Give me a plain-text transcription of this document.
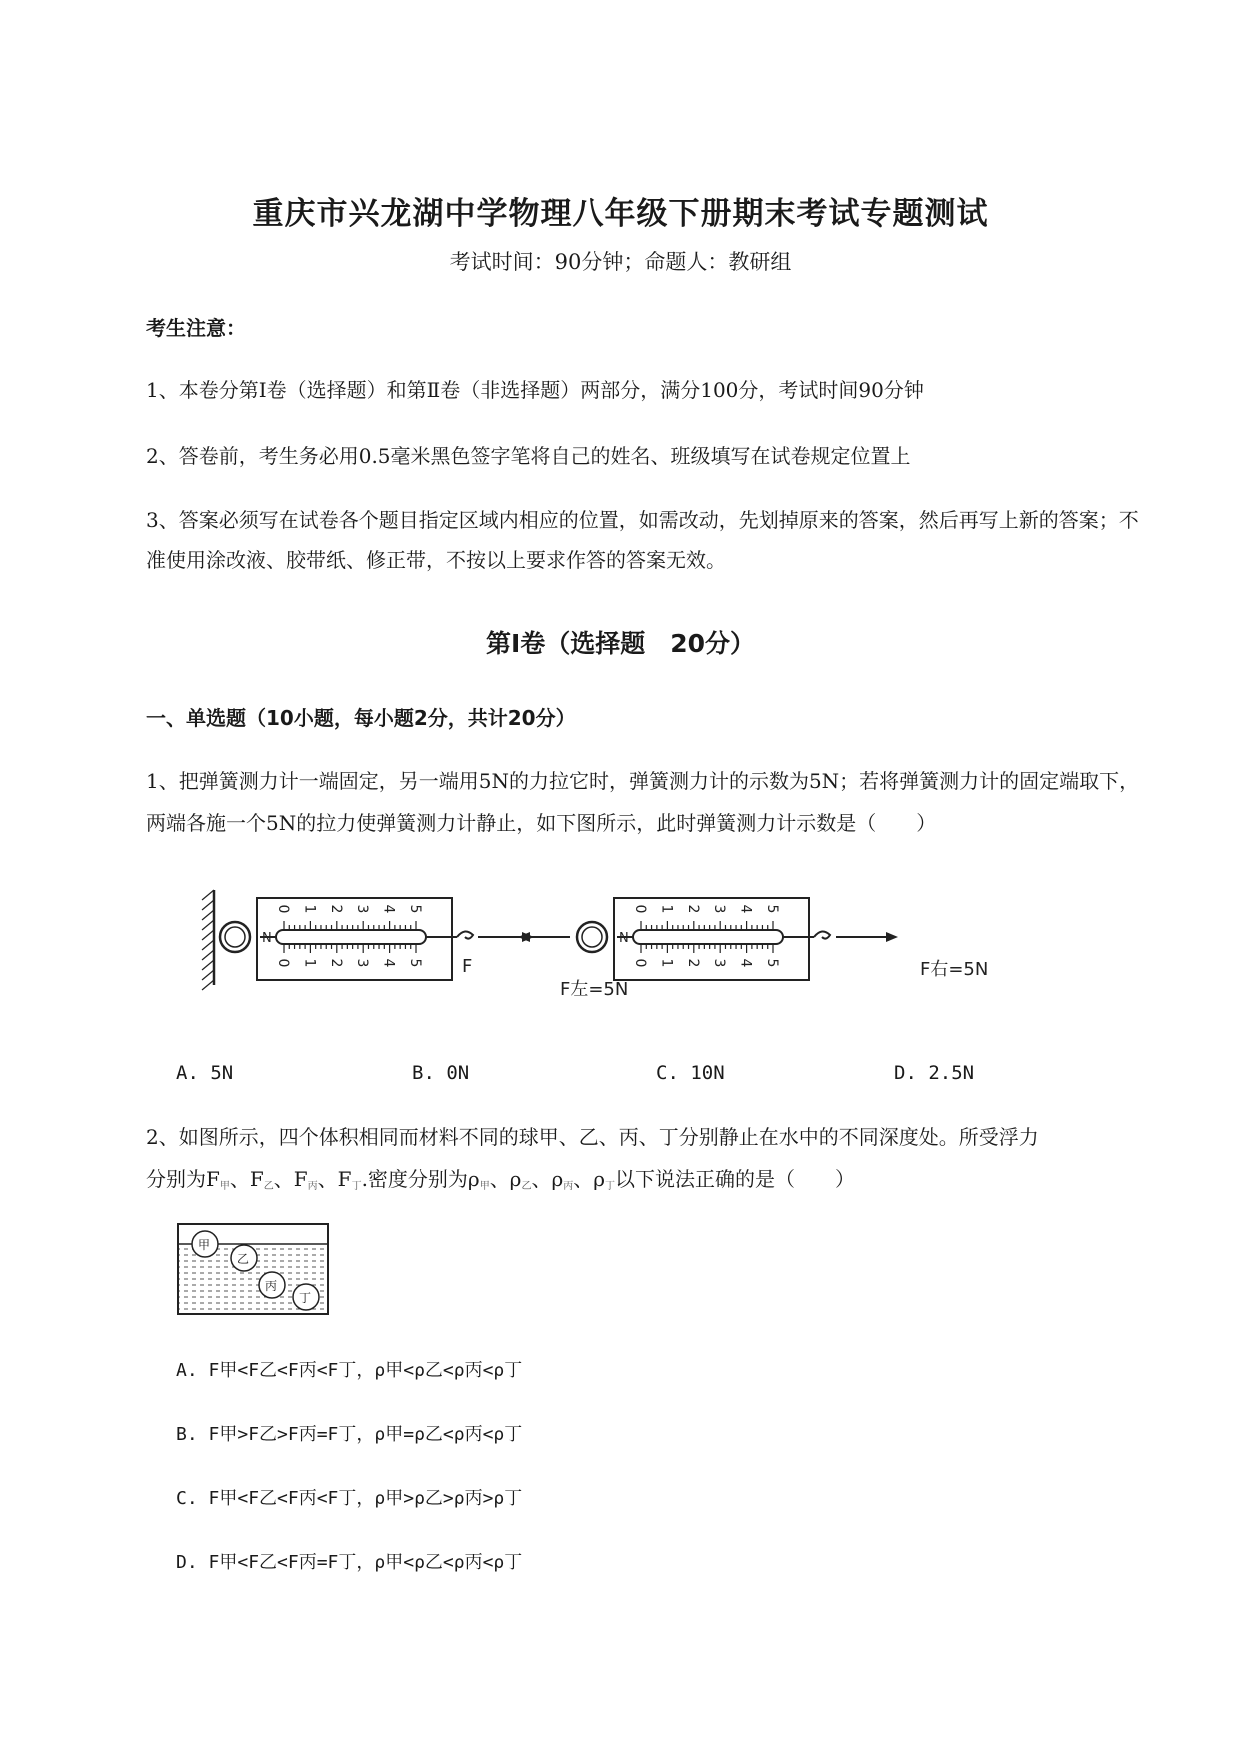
重庆市兴龙湖中学物理八年级下册期末考试专题测试
考试时间：90分钟；命题人：教研组
考生注意：
1、本卷分第I卷（选择题）和第Ⅱ卷（非选择题）两部分，满分100分，考试时间90分钟
2、答卷前，考生务必用0.5毫米黑色签字笔将自己的姓名、班级填写在试卷规定位置上
3、答案必须写在试卷各个题目指定区域内相应的位置，如需改动，先划掉原来的答案，然后再写上新的答案；不准使用涂改液、胶带纸、修正带，不按以上要求作答的答案无效。
第I卷（选择题　20分）
一、单选题（10小题，每小题2分，共计20分）
1、把弹簧测力计一端固定，另一端用5N的力拉它时，弹簧测力计的示数为5N；若将弹簧测力计的固定端取下，两端各施一个5N的拉力使弹簧测力计静止，如下图所示，此时弹簧测力计示数是（　　）
F
N	N
F左=5N
F右=5N
0
0
1
1
2
2
3
3
4
4
5
5
0
0
1
1
2
2
3
3
4
4
5
5
A. 5N	B. 0N	C. 10N	D. 2.5N
2、如图所示，四个体积相同而材料不同的球甲、乙、丙、丁分别静止在水中的不同深度处。所受浮力
分别为$F_甲$、$F_乙$、$F_丙$、$F_丁$.密度分别为$\rho_甲$、$\rho_乙$、$\rho_丙$、$\rho_丁$以下说法正确的是（　　）
甲
乙
丙
丁
A. F甲<F乙<F丙<F丁，ρ甲<ρ乙<ρ丙<ρ丁
B. F甲>F乙>F丙=F丁，ρ甲=ρ乙<ρ丙<ρ丁
C. F甲<F乙<F丙<F丁，ρ甲>ρ乙>ρ丙>ρ丁
D. F甲<F乙<F丙=F丁，ρ甲<ρ乙<ρ丙<ρ丁
